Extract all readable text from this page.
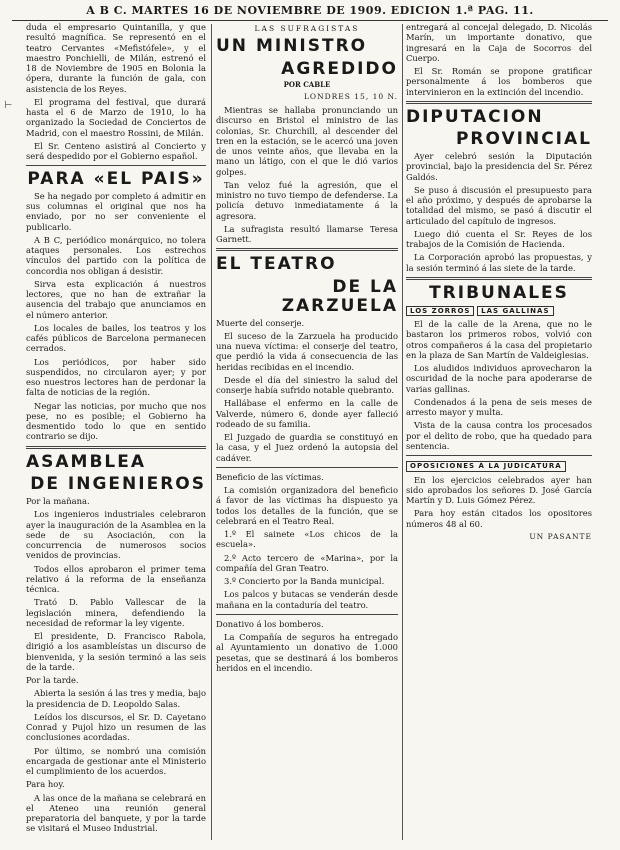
A B C. MARTES 16 DE NOVIEMBRE DE 1909. EDICION 1.ª PAG. 11.
⊢

duda el empresario Quintanilla, y que resultó magnífica. Se representó en el teatro Cervantes «Mefistófele», y el maestro Ponchielli, de Milán, estrenó el 18 de Noviembre de 1905 en Bolonia la ópera, durante la función de gala, con asistencia de los Reyes.

El programa del festival, que durará hasta el 6 de Marzo de 1910, lo ha organizado la Sociedad de Conciertos de Madrid, con el maestro Rossini, de Milán.

El Sr. Centeno asistirá al Concierto y será despedido por el Gobierno español.

PARA «EL PAIS»

Se ha negado por completo á admitir en sus columnas el original que nos ha enviado, por no ser conveniente el publicarlo.

A B C, periódico monárquico, no tolera ataques personales. Los estrechos vínculos del partido con la política de concordia nos obligan á desistir.

Sirva esta explicación á nuestros lectores, que no han de extrañar la ausencia del trabajo que anunciamos en el número anterior.

Los locales de bailes, los teatros y los cafés públicos de Barcelona permanecen cerrados.

Los periódicos, por haber sido suspendidos, no circularon ayer; y por eso nuestros lectores han de perdonar la falta de noticias de la región.

Negar las noticias, por mucho que nos pese, no es posible; el Gobierno ha desmentido todo lo que en sentido contrario se dijo.

ASAMBLEA
DE INGENIEROS

Por la mañana.

Los ingenieros industriales celebraron ayer la inauguración de la Asamblea en la sede de su Asociación, con la concurrencia de numerosos socios venidos de provincias.

Todos ellos aprobaron el primer tema relativo á la reforma de la enseñanza técnica.

Trató D. Pablo Vallescar de la legislación minera, defendiendo la necesidad de reformar la ley vigente.

El presidente, D. Francisco Rabola, dirigió a los asambleístas un discurso de bienvenida, y la sesión terminó a las seis de la tarde.

Por la tarde.

Abierta la sesión á las tres y media, bajo la presidencia de D. Leopoldo Salas.

Leídos los discursos, el Sr. D. Cayetano Conrad y Pujol hizo un resumen de las conclusiones acordadas.

Por último, se nombró una comisión encargada de gestionar ante el Ministerio el cumplimiento de los acuerdos.

Para hoy.

A las once de la mañana se celebrará en el Ateneo una reunión general preparatoria del banquete, y por la tarde se visitará el Museo Industrial.

LAS SUFRAGISTAS
UN MINISTRO
AGREDIDO
POR CABLE
LONDRES 15, 10 N.

Mientras se hallaba pronunciando un discurso en Bristol el ministro de las colonias, Sr. Churchill, al descender del tren en la estación, se le acercó una joven de unos veinte años, que llevaba en la mano un látigo, con el que le dió varios golpes.

Tan veloz fué la agresión, que el ministro no tuvo tiempo de defenderse. La policía detuvo inmediatamente á la agresora.

La sufragista resultó llamarse Teresa Garnett.

EL TEATRO
DE LA ZARZUELA

Muerte del conserje.

El suceso de la Zarzuela ha producido una nueva víctima: el conserje del teatro, que perdió la vida á consecuencia de las heridas recibidas en el incendio.

Desde el día del siniestro la salud del conserje había sufrido notable quebranto.

Hallábase el enfermo en la calle de Valverde, número 6, donde ayer falleció rodeado de su familia.

El Juzgado de guardia se constituyó en la casa, y el Juez ordenó la autopsia del cadáver.

Beneficio de las víctimas.

La comisión organizadora del beneficio á favor de las víctimas ha dispuesto ya todos los detalles de la función, que se celebrará en el Teatro Real.

1.º El sainete «Los chicos de la escuela».

2.º Acto tercero de «Marina», por la compañía del Gran Teatro.

3.º Concierto por la Banda municipal.

Los palcos y butacas se venderán desde mañana en la contaduría del teatro.

Donativo á los bomberos.

La Compañía de seguros ha entregado al Ayuntamiento un donativo de 1.000 pesetas, que se destinará á los bomberos heridos en el incendio.

entregará al concejal delegado, D. Nicolás Marín, un importante donativo, que ingresará en la Caja de Socorros del Cuerpo.

El Sr. Román se propone gratificar personalmente á los bomberos que intervinieron en la extinción del incendio.

DIPUTACION
PROVINCIAL

Ayer celebró sesión la Diputación provincial, bajo la presidencia del Sr. Pérez Galdós.

Se puso á discusión el presupuesto para el año próximo, y después de aprobarse la totalidad del mismo, se pasó á discutir el articulado del capítulo de ingresos.

Luego dió cuenta el Sr. Reyes de los trabajos de la Comisión de Hacienda.

La Corporación aprobó las propuestas, y la sesión terminó á las siete de la tarde.

TRIBUNALES

LOS ZORROS LAS GALLINAS

El de la calle de la Arena, que no le bastaron los primeros robos, volvió con otros compañeros á la casa del propietario en la plaza de San Martín de Valdeiglesias.

Los aludidos individuos aprovecharon la oscuridad de la noche para apoderarse de varias gallinas.

Condenados á la pena de seis meses de arresto mayor y multa.

Vista de la causa contra los procesados por el delito de robo, que ha quedado para sentencia.

OPOSICIONES Á LA JUDICATURA

En los ejercicios celebrados ayer han sido aprobados los señores D. José García Martín y D. Luis Gómez Pérez.

Para hoy están citados los opositores números 48 al 60.

UN PASANTE
